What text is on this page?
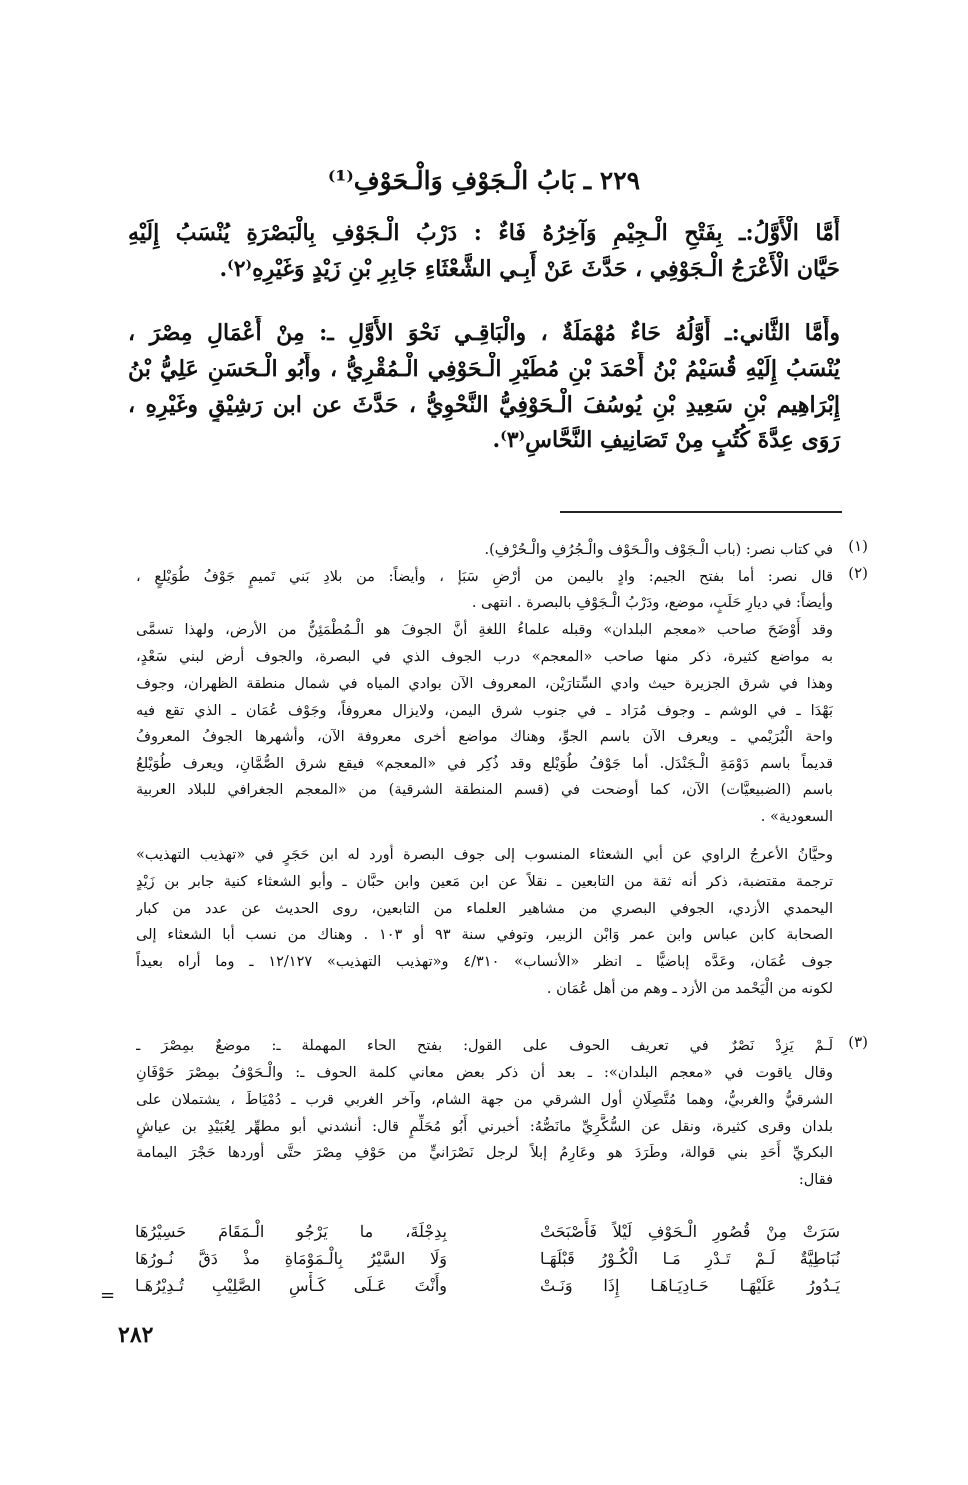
٢٢٩ ـ بَابُ الْـجَوْفِ وَالْـحَوْفِ⁽¹⁾
أَمَّا الْأَوَّلُ:ـ بِفَتْحِ الْـجِيْمِ وَآخِرُهُ فَاءٌ : دَرْبُ الْـجَوْفِ بِالْبَصْرَةِ يُنْسَبُ إِلَيْهِ
حَيَّان الْأَعْرَجُ الْـجَوْفِي ، حَدَّثَ عَنْ أَبِـي الشَّعْثَاءِ جَابِرِ بْنِ زَيْدٍ وَغَيْرِهِ⁽٢⁾.
وأَمَّا الثَّاني:ـ أَوَّلُهُ حَاءٌ مُهْمَلَةٌ ، والْبَاقِـي نَحْوَ الأَوَّلِ ـ: مِنْ أَعْمَالِ مِصْرَ ،
يُنْسَبُ إِلَيْهِ قُسَيْمُ بْنُ أَحْمَدَ بْنِ مُطَيْرِ الْـحَوْفِي الْـمُقْرِيُّ ، وأَبُو الْـحَسَنِ عَلِيُّ بْنُ
إِبْرَاهِيم بْنِ سَعِيدِ بْنِ يُوسُفَ الْـحَوْفِيُّ النَّحْوِيُّ ، حَدَّثَ عن ابن رَشِيْقٍ وغَيْرِهِ ،
رَوَى عِدَّةَ كُتُبٍ مِنْ تَصَانِيفِ النَّحَّاسِ⁽٣⁾.
(١)
(٢)
(٣)
في كتاب نصر: (باب الْـجَوْف والْـحَوْف والْـجُرُفِ والْـحُرْفِ).
قال نصر: أما بفتح الجيم: وادٍ باليمن من أرْضِ سَبَإ ، وأيضاً: من بلادِ بَني تَميمٍ جَوْفُ طُوَيْلعٍ ،
وأيضاً: في ديارِ حَلَبٍ، موضع، ودَرْبُ الْـجَوْفِ بالبصرة . انتهى .
وقد أَوْضَحَ صاحب «معجم البلدان» وقبله علماءُ اللغةِ أنَّ الجوفَ هو الْـمُطْمَئِنُّ من الأرض، ولهذا تسمَّى
به مواضع كثيرة، ذكر منها صاحب «المعجم» درب الجوف الذي في البصرة، والجوف أرض لبني سَعْدٍ،
وهذا في شرق الجزيرة حيث وادي السِّتارَيْن، المعروف الآن بوادي المياه في شمال منطقة الظهران، وجوف
بَهْدَا ـ في الوشم ـ وجوف مُرَاد ـ في جنوب شرق اليمن، ولايزال معروفاً، وجَوْف عُمَان ـ الذي تقع فيه
واحة الْبُرَيْمي ـ ويعرف الآن باسم الجوِّ، وهناك مواضع أخرى معروفة الآن، وأشهرها الجوفُ المعروفُ
قديماً باسم دَوْمَةِ الْـجَنْدَل. أما جَوْفُ طُوَيْلع وقد ذُكِر في «المعجم» فيقع شرق الصُّمَّانِ، ويعرف طُوَيْلعُ
باسم (الضبيعيَّات) الآن، كما أوضحت في (قسم المنطقة الشرقية) من «المعجم الجغرافي للبلاد العربية
السعودية» .
وحيَّانُ الأعرجُ الراوي عن أبي الشعثاء المنسوب إلى جوف البصرة أورد له ابن حَجَرٍ في «تهذيب التهذيب»
ترجمة مقتضبة، ذكر أنه ثقة من التابعين ـ نقلاً عن ابن مَعين وابن حبَّان ـ وأبو الشعثاء كنية جابر بن زَيْدٍ
اليحمدي الأزدي، الجوفي البصري من مشاهير العلماء من التابعين، روى الحديث عن عدد من كبار
الصحابة كابن عباس وابن عمر وَابْن الزبير، وتوفي سنة ٩٣ أو ١٠٣ . وهناك من نسب أبا الشعثاء إلى
جوف عُمَان، وعَدَّه إباضيًّا ـ انظر «الأنساب» ٤/٣١٠ و«تهذيب التهذيب» ١٢/١٢٧ ـ وما أراه بعيداً
لكونه من الْيَحْمد من الأزد ـ وهم من أهل عُمَان .
لَـمْ يَزِدْ نَصْرٌ في تعريف الحوف على القول: بفتح الحاء المهملة ـ: موضعٌ بمِصْرَ ـ
وقال ياقوت في «معجم البلدان»: ـ بعد أن ذكر بعض معاني كلمة الحوف ـ: والْـحَوْفُ بمِصْرَ حَوْفَانِ
الشرقيُّ والغربيُّ، وهما مُتَّصِلَانِ أول الشرقي من جهة الشام، وآخر الغربي قرب ـ دُمْيَاطَ ، يشتملان على
بلدان وقرى كثيرة، ونقل عن السُّكَّرِيِّ مانَصُّهُ: أخبرني أَبُو مُحَلِّمٍ قال: أنشدني أبو مطهِّر لِعُبَيْدِ بن عياشٍ
البكريِّ أَحَدِ بني قوالة، وطَرَدَ هو وعَارِمُ إبلاً لرجل نَصْرَانيٍّ من حَوْفِ مِصْرَ حتَّى أوردها حَجْرَ اليمامة
فقال:
سَرَتْ مِنْ قُصُورِ الْـحَوْفِ لَيْلاً فَأَصْبَحَتْ
بِدِجْلَةَ، ما يَرْجُو الْـمَقَامَ حَسِيْرُهَا
نُبَاطِيَّةٌ لَـمْ تَـدْرِ مَـا الْكُـوْرُ قَبْلَهَـا
وَلَا السَّيْرُ بِالْـمَوْمَاةِ مذْ دَقَّ نُـورُهَا
يَـدُورُ عَلَيْهَـا حَـادِيَـاهَـا إِذَا وَنَـتْ
وأَنْتَ عَـلَى كَـأْسِ الصَّلِيْبِ تُـدِيْرُهَـا
=
٢٨٢
